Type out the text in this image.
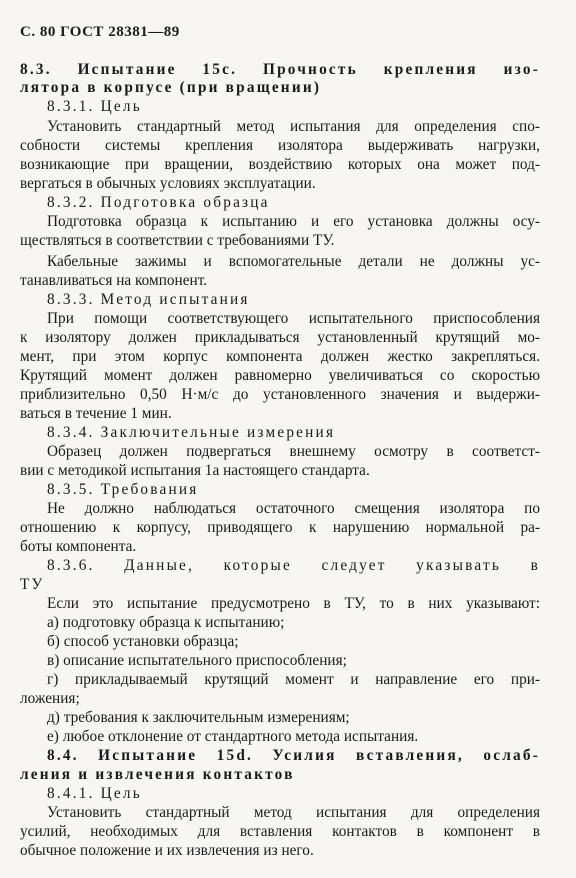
С. 80 ГОСТ 28381—89
8.3. Испытание 15с. Прочность крепления изо-
лятора в корпусе (при вращении)
8.3.1. Цель
Установить стандартный метод испытания для определения спо-
собности системы крепления изолятора выдерживать нагрузки,
возникающие при вращении, воздействию которых она может под-
вергаться в обычных условиях эксплуатации.
8.3.2. Подготовка образца
Подготовка образца к испытанию и его установка должны осу-
ществляться в соответствии с требованиями ТУ.
Кабельные зажимы и вспомогательные детали не должны ус-
танавливаться на компонент.
8.3.3. Метод испытания
При помощи соответствующего испытательного приспособления
к изолятору должен прикладываться установленный крутящий мо-
мент, при этом корпус компонента должен жестко закрепляться.
Крутящий момент должен равномерно увеличиваться со скоростью
приблизительно 0,50 Н·м/с до установленного значения и выдержи-
ваться в течение 1 мин.
8.3.4. Заключительные измерения
Образец должен подвергаться внешнему осмотру в соответст-
вии с методикой испытания 1а настоящего стандарта.
8.3.5. Требования
Не должно наблюдаться остаточного смещения изолятора по
отношению к корпусу, приводящего к нарушению нормальной ра-
боты компонента.
8.3.6. Данные, которые следует указывать в
ТУ
Если это испытание предусмотрено в ТУ, то в них указывают:
а) подготовку образца к испытанию;
б) способ установки образца;
в) описание испытательного приспособления;
г) прикладываемый крутящий момент и направление его при-
ложения;
д) требования к заключительным измерениям;
е) любое отклонение от стандартного метода испытания.
8.4. Испытание 15d. Усилия вставления, ослаб-
ления и извлечения контактов
8.4.1. Цель
Установить стандартный метод испытания для определения
усилий, необходимых для вставления контактов в компонент в
обычное положение и их извлечения из него.
